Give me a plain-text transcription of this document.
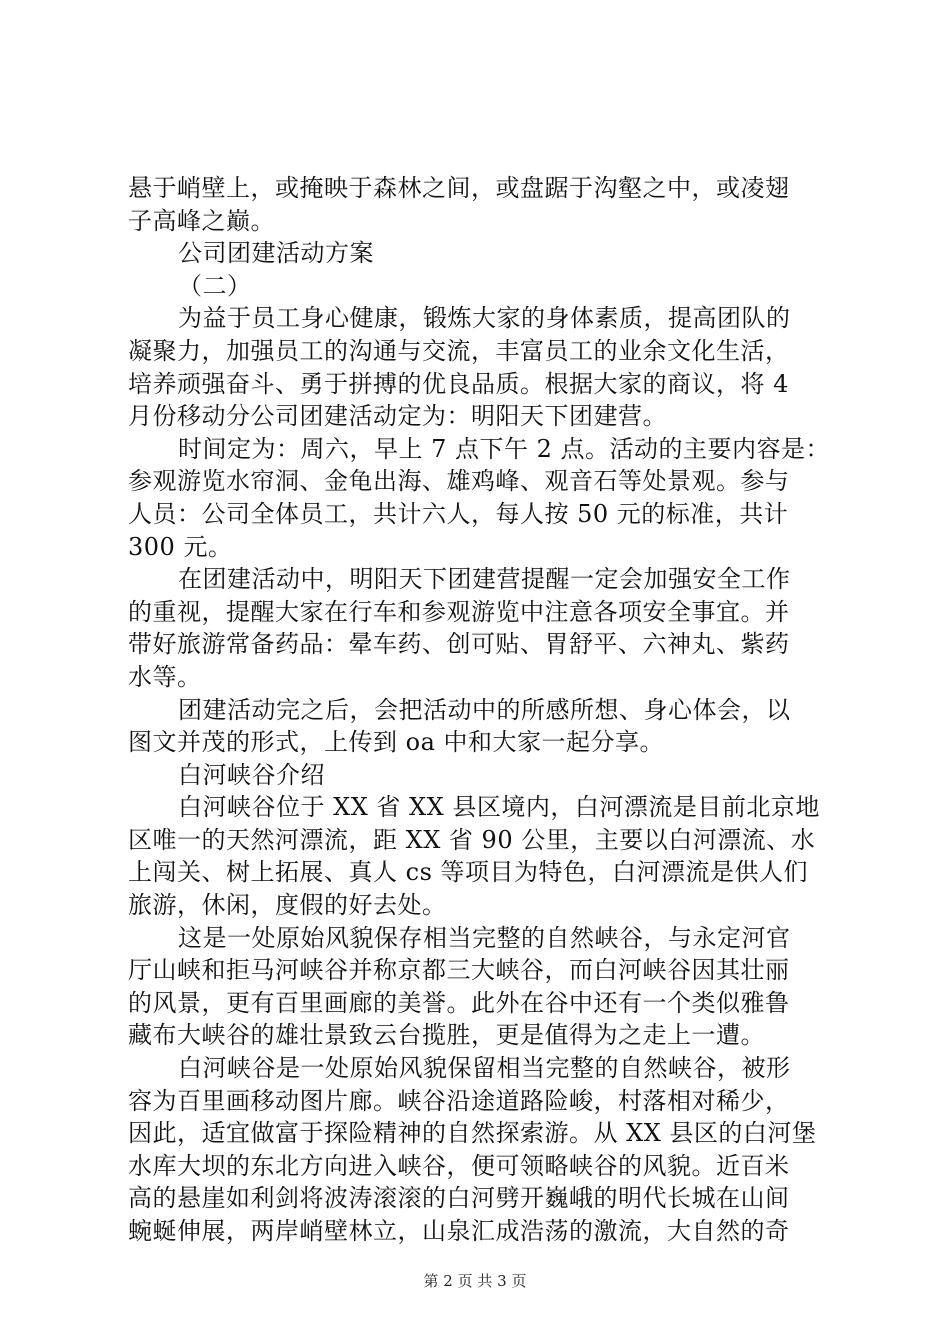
悬于峭壁上，或掩映于森林之间，或盘踞于沟壑之中，或凌翅
子高峰之巅。
公司团建活动方案
（二）
为益于员工身心健康，锻炼大家的身体素质，提高团队的
凝聚力，加强员工的沟通与交流，丰富员工的业余文化生活，
培养顽强奋斗、勇于拼搏的优良品质。根据大家的商议，将 4
月份移动分公司团建活动定为：明阳天下团建营。
时间定为：周六，早上 7 点下午 2 点。活动的主要内容是：
参观游览水帘洞、金龟出海、雄鸡峰、观音石等处景观。参与
人员：公司全体员工，共计六人，每人按 50 元的标准，共计
300 元。
在团建活动中，明阳天下团建营提醒一定会加强安全工作
的重视，提醒大家在行车和参观游览中注意各项安全事宜。并
带好旅游常备药品：晕车药、创可贴、胃舒平、六神丸、紫药
水等。
团建活动完之后，会把活动中的所感所想、身心体会，以
图文并茂的形式，上传到 oa 中和大家一起分享。
白河峡谷介绍
白河峡谷位于 XX 省 XX 县区境内，白河漂流是目前北京地
区唯一的天然河漂流，距 XX 省 90 公里，主要以白河漂流、水
上闯关、树上拓展、真人 cs 等项目为特色，白河漂流是供人们
旅游，休闲，度假的好去处。
这是一处原始风貌保存相当完整的自然峡谷，与永定河官
厅山峡和拒马河峡谷并称京都三大峡谷，而白河峡谷因其壮丽
的风景，更有百里画廊的美誉。此外在谷中还有一个类似雅鲁
藏布大峡谷的雄壮景致云台揽胜，更是值得为之走上一遭。
白河峡谷是一处原始风貌保留相当完整的自然峡谷，被形
容为百里画移动图片廊。峡谷沿途道路险峻，村落相对稀少，
因此，适宜做富于探险精神的自然探索游。从 XX 县区的白河堡
水库大坝的东北方向进入峡谷，便可领略峡谷的风貌。近百米
高的悬崖如利剑将波涛滚滚的白河劈开巍峨的明代长城在山间
蜿蜒伸展，两岸峭壁林立，山泉汇成浩荡的激流，大自然的奇
第 2 页 共 3 页
